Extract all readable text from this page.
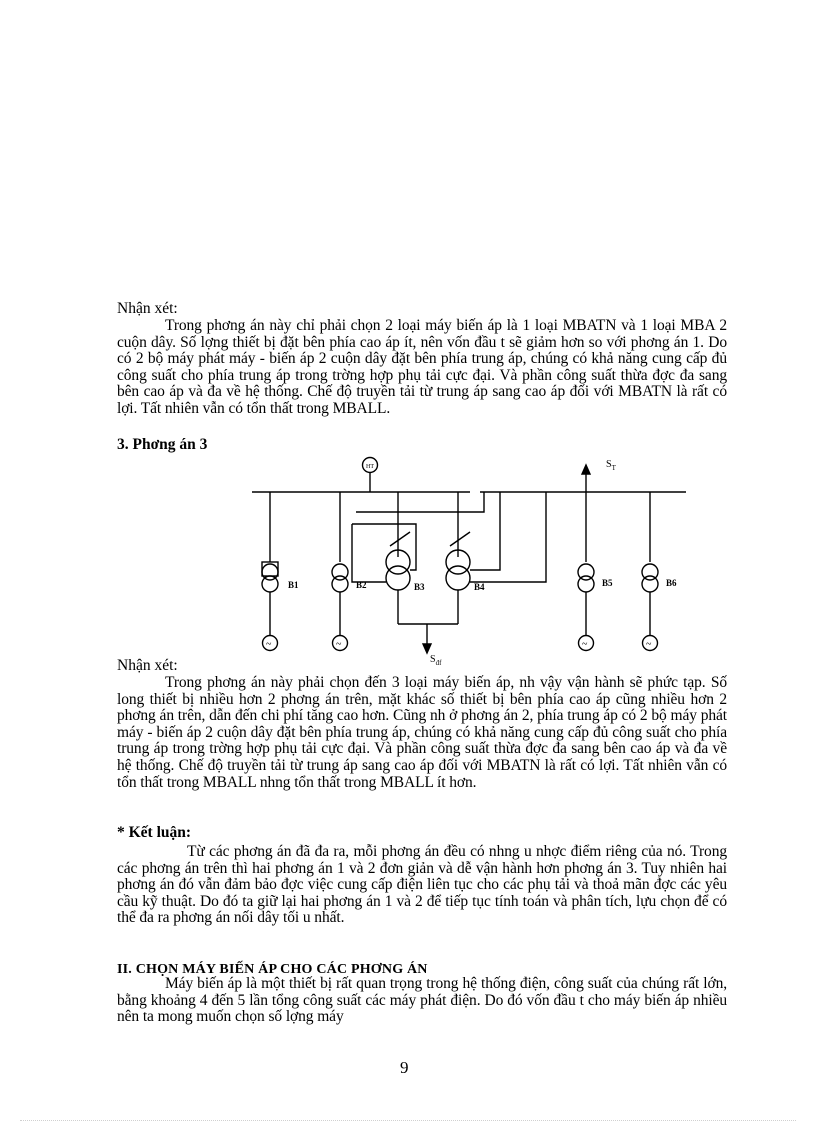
Nhận xét:

Trong phơng án này chỉ phải chọn 2 loại máy biến áp là 1 loại MBATN và 1 loại MBA 2 cuộn dây. Số lợng thiết bị đặt bên phía cao áp ít, nên vốn đầu t sẽ giảm hơn so với phơng án 1. Do có 2 bộ máy phát máy - biến áp 2 cuộn dây đặt bên phía trung áp, chúng có khả năng cung cấp đủ công suất cho phía trung áp trong trờng hợp phụ tải cực đại. Và phần công suất thừa đợc đa sang bên cao áp và đa về hệ thống. Chế độ truyền tải từ trung áp sang cao áp đối với MBATN là rất có lợi. Tất nhiên vẫn có tổn thất trong MBALL.

3. Phơng án 3
HT	$S_T$
$S_{đf}$
B1	B2	B3	B4	B5	B6
~	~	~	~
Nhận xét:

Trong phơng án này phải chọn đến 3 loại máy biến áp, nh vậy vận hành sẽ phức tạp. Số long thiết bị nhiều hơn 2 phơng án trên, mặt khác số thiết bị bên phía cao áp cũng nhiều hơn 2 phơng án trên, dẫn đến chi phí tăng cao hơn. Cũng nh ở phơng án 2, phía trung áp có 2 bộ máy phát máy - biến áp 2 cuộn dây đặt bên phía trung áp, chúng có khả năng cung cấp đủ công suất cho phía trung áp trong trờng hợp phụ tải cực đại. Và phần công suất thừa đợc đa sang bên cao áp và đa về hệ thống. Chế độ truyền tải từ trung áp sang cao áp đối với MBATN là rất có lợi. Tất nhiên vẫn có tổn thất trong MBALL nhng tổn thất trong MBALL ít hơn.

* Kết luận:

Từ các phơng án đã đa ra, mỗi phơng án đều có nhng u nhợc điểm riêng của nó. Trong các phơng án trên thì hai phơng án 1 và 2 đơn giản và dễ vận hành hơn phơng án 3. Tuy nhiên hai phơng án đó vẫn đảm bảo đợc việc cung cấp điện liên tục cho các phụ tải và thoả mãn đợc các yêu cầu kỹ thuật. Do đó ta giữ lại hai phơng án 1 và 2 để tiếp tục tính toán và phân tích, lựu chọn để có thể đa ra phơng án nối dây tối u nhất.

II. CHỌN MÁY BIẾN ÁP CHO CÁC PHƠNG ÁN

Máy biến áp là một thiết bị rất quan trọng trong hệ thống điện, công suất của chúng rất lớn, bằng khoảng 4 đến 5 lần tổng công suất các máy phát điện. Do đó vốn đầu t cho máy biến áp nhiều nên ta mong muốn chọn số lợng máy

9
